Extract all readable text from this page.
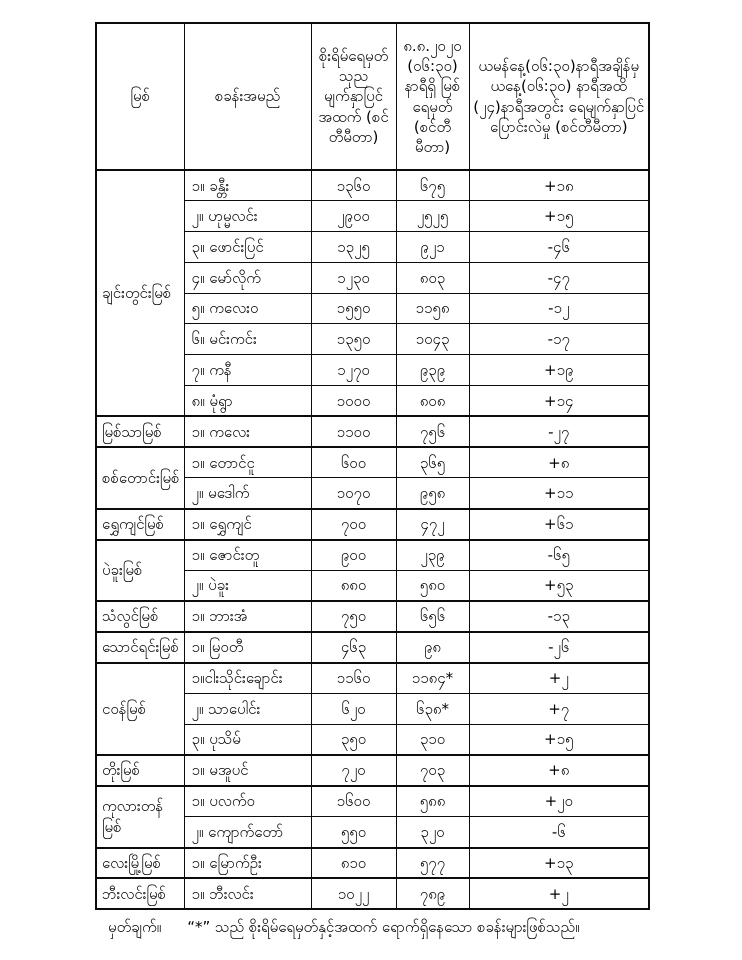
မြစ်	စခန်းအမည်	စိုးရိမ်ရေမှတ် သုည မျက်နှာပြင် အထက် (စင်တီမီတာ)	၈.၈.၂၀၂၀ (၀၆:၃၀) နာရီရှိ မြစ်ရေမှတ် (စင်တီမီတာ)	ယမန်နေ့(၀၆:၃၀)နာရီအချိန်မှ ယနေ့(၀၆:၃၀) နာရီအထိ (၂၄)နာရီအတွင်း ရေမျက်နှာပြင်ပြောင်းလဲမှု (စင်တီမီတာ)
ချင်းတွင်းမြစ်	၁။ ခန္တီး	၁၃၆၀	၆၇၅	+၁၈
	၂။ ဟုမ္မလင်း	၂၉၀၀	၂၅၂၅	+၁၅
	၃။ ဖောင်းပြင်	၁၃၂၅	၉၂၁	-၄၆
	၄။ မော်လိုက်	၁၂၃၀	၈၀၃	-၄၇
	၅။ ကလေးဝ	၁၅၅၀	၁၁၅၈	-၁၂
	၆။ မင်းကင်း	၁၃၅၀	၁၀၄၃	-၁၇
	၇။ ကနီ	၁၂၇၀	၉၃၉	+၁၉
	၈။ မုံရွာ	၁၀၀၀	၈၀၈	+၁၄
မြစ်သာမြစ်	၁။ ကလေး	၁၁၀၀	၇၅၆	-၂၇
စစ်တောင်းမြစ်	၁။ တောင်ငူ	၆၀၀	၃၆၅	+၈
	၂။ မဒေါက်	၁၀၇၀	၉၅၈	+၁၁
ရွှေကျင်မြစ်	၁။ ရွှေကျင်	၇၀၀	၄၇၂	+၆၁
ပဲခူးမြစ်	၁။ ဇောင်းတူ	၉၀၀	၂၃၉	-၆၅
	၂။ ပဲခူး	၈၈၀	၅၈၀	+၅၃
သံလွင်မြစ်	၁။ ဘားအံ	၇၅၀	၆၅၆	-၁၃
သောင်ရင်းမြစ်	၁။ မြဝတီ	၄၆၃	၉၈	-၂၆
ငဝန်မြစ်	၁။ငါးသိုင်းချောင်း	၁၁၆၀	၁၁၈၄*	+၂
	၂။ သာပေါင်း	၆၂၀	၆၃၈*	+၇
	၃။ ပုသိမ်	၃၅၀	၃၁၀	+၁၅
တိုးမြစ်	၁။ မအူပင်	၇၂၀	၇၀၃	+၈
ကုလားတန်မြစ်	၁။ ပလက်ဝ	၁၆၀၀	၅၈၈	+၂၀
	၂။ ကျောက်တော်	၅၅၀	၃၂၀	-၆
လေးမြို့မြစ်	၁။ မြောက်ဦး	၈၁၀	၅၇၇	+၁၃
ဘီးလင်းမြစ်	၁။ ဘီးလင်း	၁၀၂၂	၇၈၉	+၂
မှတ်ချက်။ “*” သည် စိုးရိမ်ရေမှတ်နှင့်အထက် ရောက်ရှိနေသော စခန်းများဖြစ်သည်။
